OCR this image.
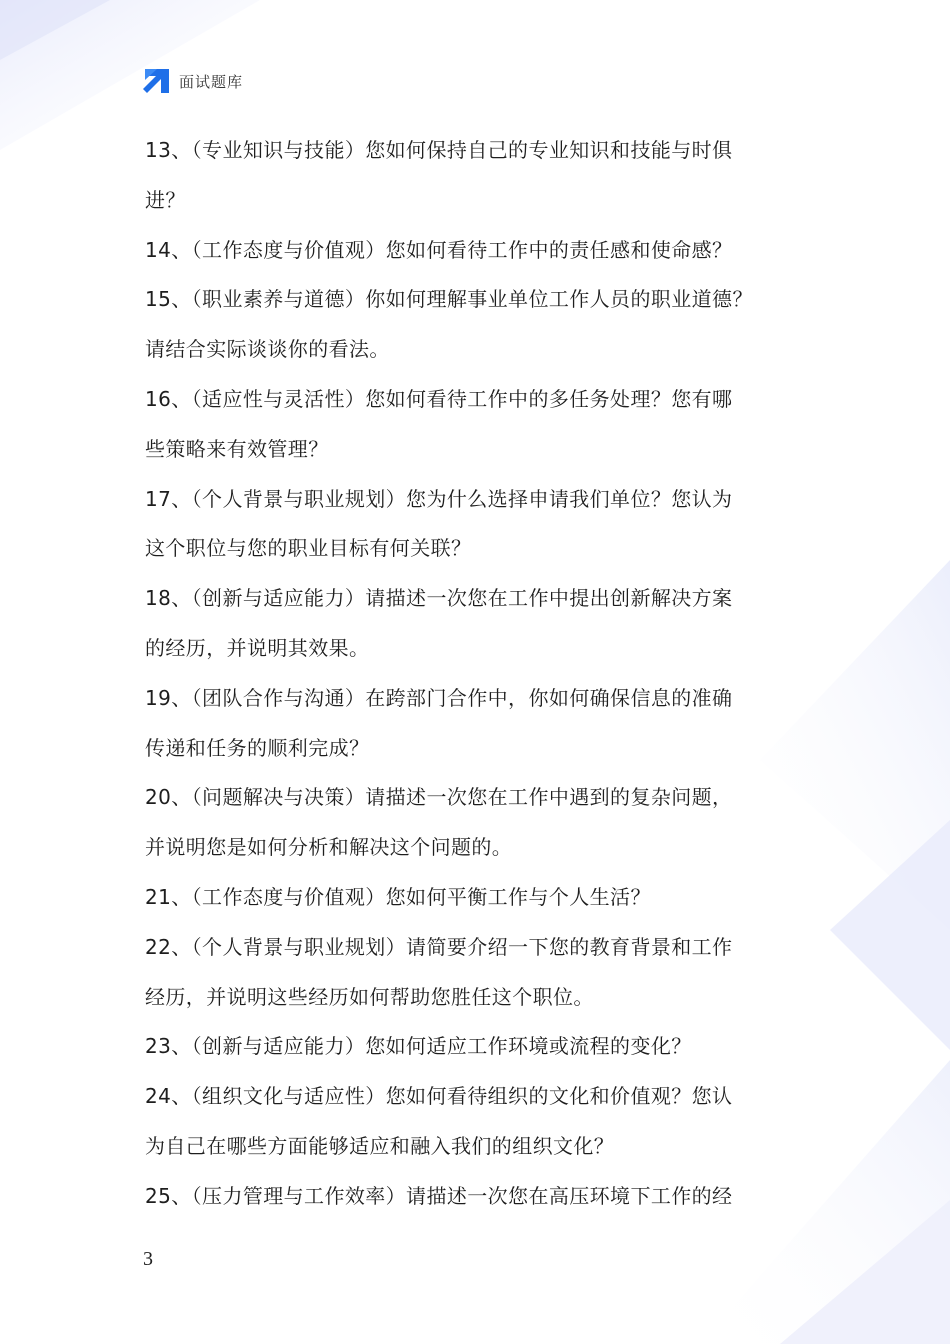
面试题库
13、（专业知识与技能）您如何保持自己的专业知识和技能与时俱
进？
14、（工作态度与价值观）您如何看待工作中的责任感和使命感？
15、（职业素养与道德）你如何理解事业单位工作人员的职业道德？
请结合实际谈谈你的看法。
16、（适应性与灵活性）您如何看待工作中的多任务处理？您有哪
些策略来有效管理？
17、（个人背景与职业规划）您为什么选择申请我们单位？您认为
这个职位与您的职业目标有何关联？
18、（创新与适应能力）请描述一次您在工作中提出创新解决方案
的经历，并说明其效果。
19、（团队合作与沟通）在跨部门合作中，你如何确保信息的准确
传递和任务的顺利完成？
20、（问题解决与决策）请描述一次您在工作中遇到的复杂问题，
并说明您是如何分析和解决这个问题的。
21、（工作态度与价值观）您如何平衡工作与个人生活？
22、（个人背景与职业规划）请简要介绍一下您的教育背景和工作
经历，并说明这些经历如何帮助您胜任这个职位。
23、（创新与适应能力）您如何适应工作环境或流程的变化？
24、（组织文化与适应性）您如何看待组织的文化和价值观？您认
为自己在哪些方面能够适应和融入我们的组织文化？
25、（压力管理与工作效率）请描述一次您在高压环境下工作的经
3
